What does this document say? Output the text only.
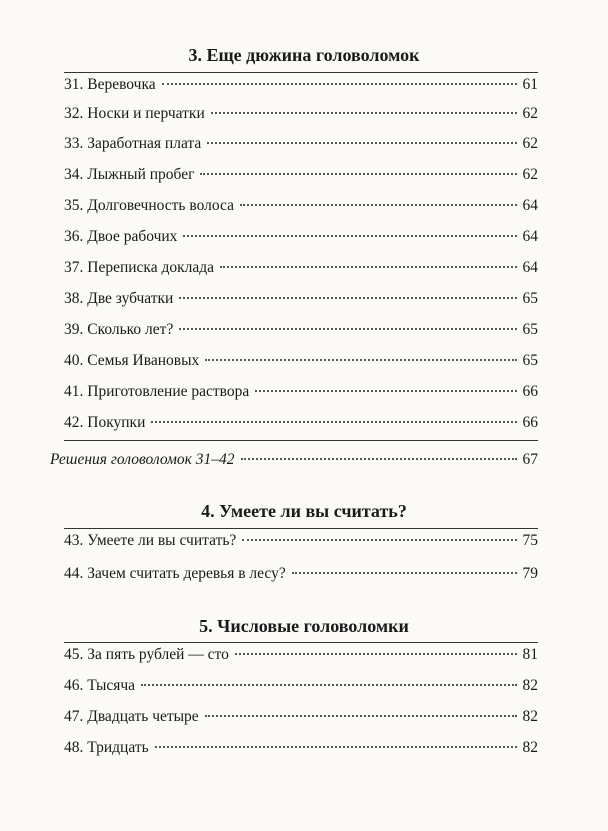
3. Еще дюжина головоломок
31. Веревочка	61
32. Носки и перчатки	62
33. Заработная плата	62
34. Лыжный пробег	62
35. Долговечность волоса	64
36. Двое рабочих	64
37. Переписка доклада	64
38. Две зубчатки	65
39. Сколько лет?	65
40. Семья Ивановых	65
41. Приготовление раствора	66
42. Покупки	66
Решения головоломок 31–42	67
4. Умеете ли вы считать?
43. Умеете ли вы считать?	75
44. Зачем считать деревья в лесу?	79
5. Числовые головоломки
45. За пять рублей — сто	81
46. Тысяча	82
47. Двадцать четыре	82
48. Тридцать	82
